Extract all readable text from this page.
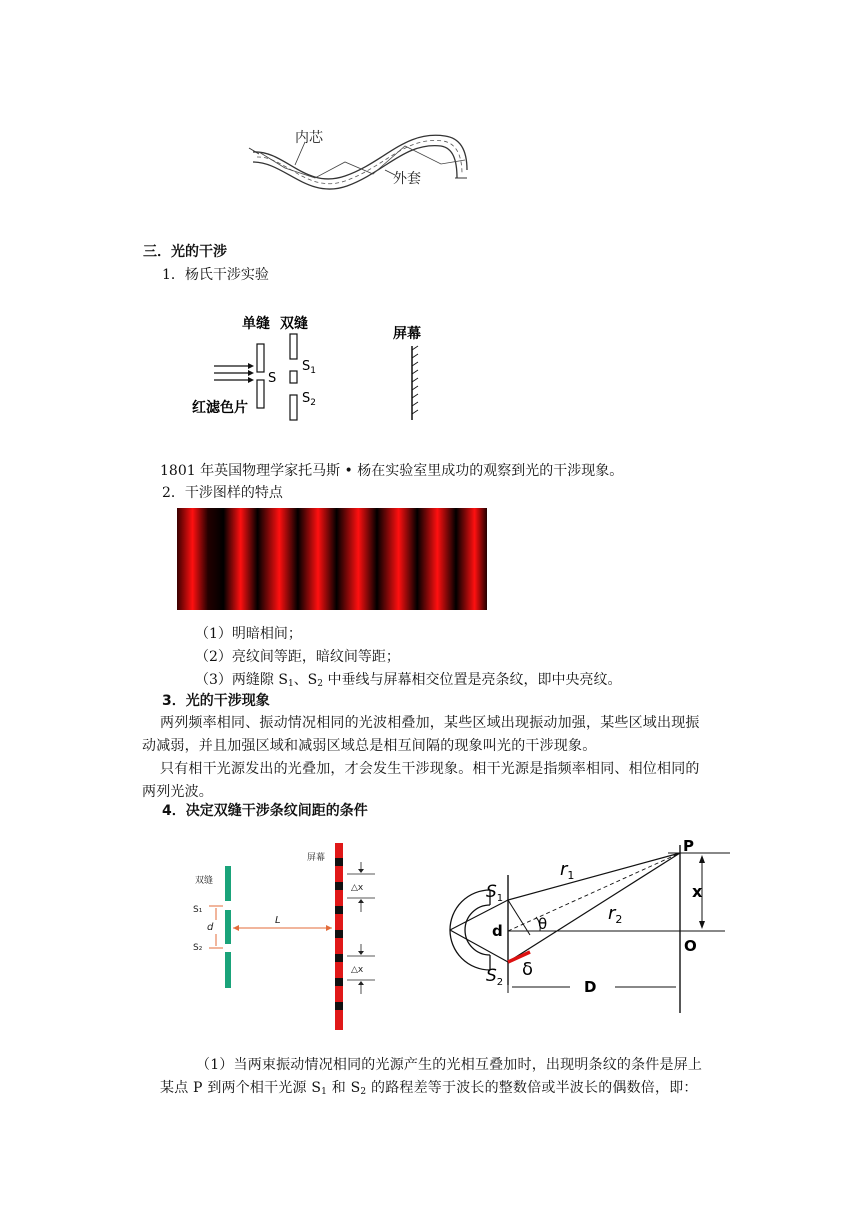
内芯
外套
三．光的干涉
1．杨氏干涉实验
单缝 双缝
屏幕
S
$S_1$
$S_2$
红滤色片
1801 年英国物理学家托马斯 • 杨在实验室里成功的观察到光的干涉现象。
2．干涉图样的特点
（1）明暗相间；
（2）亮纹间等距，暗纹间等距；
（3）两缝隙 $S_1$、$S_2$ 中垂线与屏幕相交位置是亮条纹，即中央亮纹。
3．光的干涉现象
两列频率相同、振动情况相同的光波相叠加，某些区域出现振动加强，某些区域出现振
动减弱，并且加强区域和减弱区域总是相互间隔的现象叫光的干涉现象。
只有相干光源发出的光叠加，才会发生干涉现象。相干光源是指频率相同、相位相同的
两列光波。
4．决定双缝干涉条纹间距的条件
双缝
S₁
d
S₂
L
屏幕
△x
△x
P
$r_1$
$r_2$
$S_1$
$S_2$
d θ
x
O
δ
D
（1）当两束振动情况相同的光源产生的光相互叠加时，出现明条纹的条件是屏上
某点 P 到两个相干光源 $S_1$ 和 $S_2$ 的路程差等于波长的整数倍或半波长的偶数倍，即：
